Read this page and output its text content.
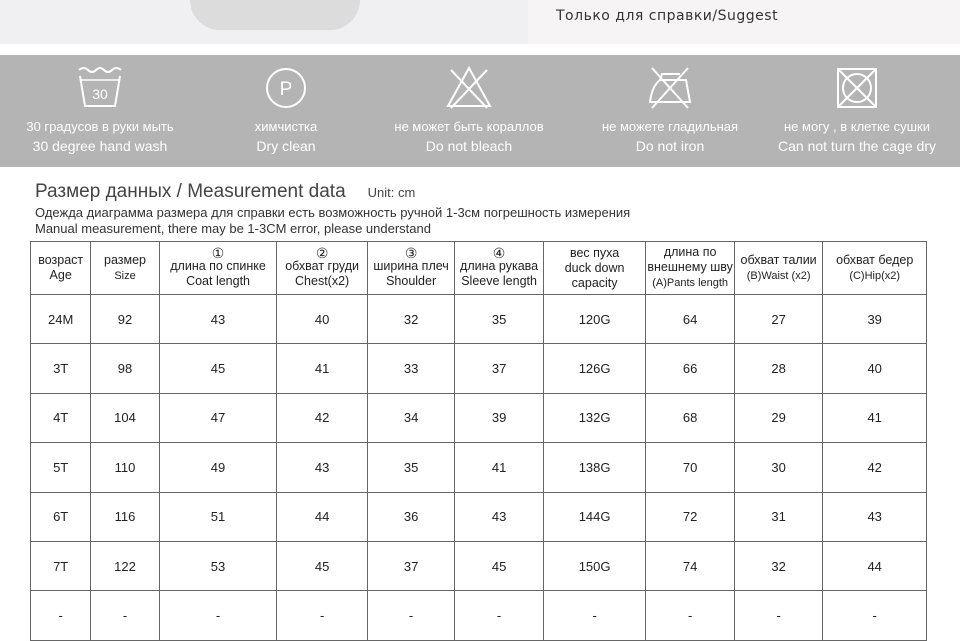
Только для справки/Suggest
30
30 градусов в руки мыть
30 degree hand wash
P
химчистка
Dry clean
не может быть кораллов
Do not bleach
не можете гладильная
Do not iron
не могу , в клетке сушки
Can not turn the cage dry
Размер данных / Measurement data Unit: cm
Одежда диаграмма размера для справки есть возможность ручной 1-3см погрешность измерения
Manual measurement, there may be 1-3CM error, please understand
возраст
Age	размер
Size	①
длина по спинке
Coat length	②
обхват груди
Chest(x2)	③
ширина плеч
Shoulder	④
длина рукава
Sleeve length	вес пуха
duck down
capacity	длина по
внешнему шву
(A)Pants length	обхват талии
(B)Waist (x2)	обхват бедер
(C)Hip(x2)
24M	92	43	40	32	35	120G	64	27	39
3T	98	45	41	33	37	126G	66	28	40
4T	104	47	42	34	39	132G	68	29	41
5T	110	49	43	35	41	138G	70	30	42
6T	116	51	44	36	43	144G	72	31	43
7T	122	53	45	37	45	150G	74	32	44
-	-	-	-	-	-	-	-	-	-
